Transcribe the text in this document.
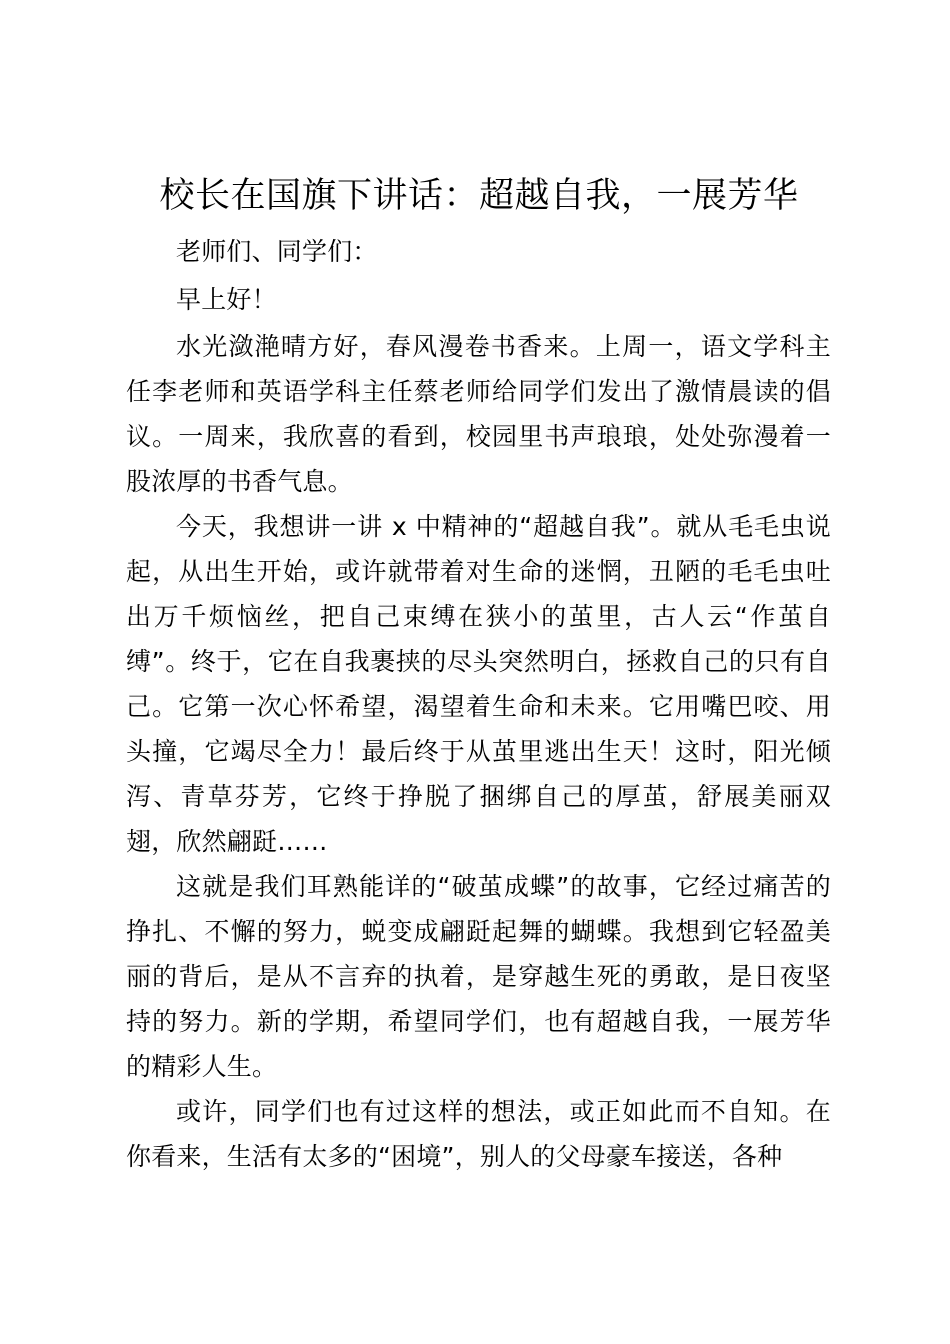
校长在国旗下讲话：超越自我，一展芳华

老师们、同学们：

早上好！

水光潋滟晴方好，春风漫卷书香来。上周一，语文学科主任李老师和英语学科主任蔡老师给同学们发出了激情晨读的倡议。一周来，我欣喜的看到，校园里书声琅琅，处处弥漫着一股浓厚的书香气息。

今天，我想讲一讲 x 中精神的“超越自我”。就从毛毛虫说起，从出生开始，或许就带着对生命的迷惘，丑陋的毛毛虫吐出万千烦恼丝，把自己束缚在狭小的茧里，古人云“作茧自缚”。终于，它在自我裹挟的尽头突然明白，拯救自己的只有自己。它第一次心怀希望，渴望着生命和未来。它用嘴巴咬、用头撞，它竭尽全力！最后终于从茧里逃出生天！这时，阳光倾泻、青草芬芳，它终于挣脱了捆绑自己的厚茧，舒展美丽双翅，欣然翩跹……

这就是我们耳熟能详的“破茧成蝶”的故事，它经过痛苦的挣扎、不懈的努力，蜕变成翩跹起舞的蝴蝶。我想到它轻盈美丽的背后，是从不言弃的执着，是穿越生死的勇敢，是日夜坚持的努力。新的学期，希望同学们，也有超越自我，一展芳华的精彩人生。

或许，同学们也有过这样的想法，或正如此而不自知。在你看来，生活有太多的“困境”，别人的父母豪车接送，各种
